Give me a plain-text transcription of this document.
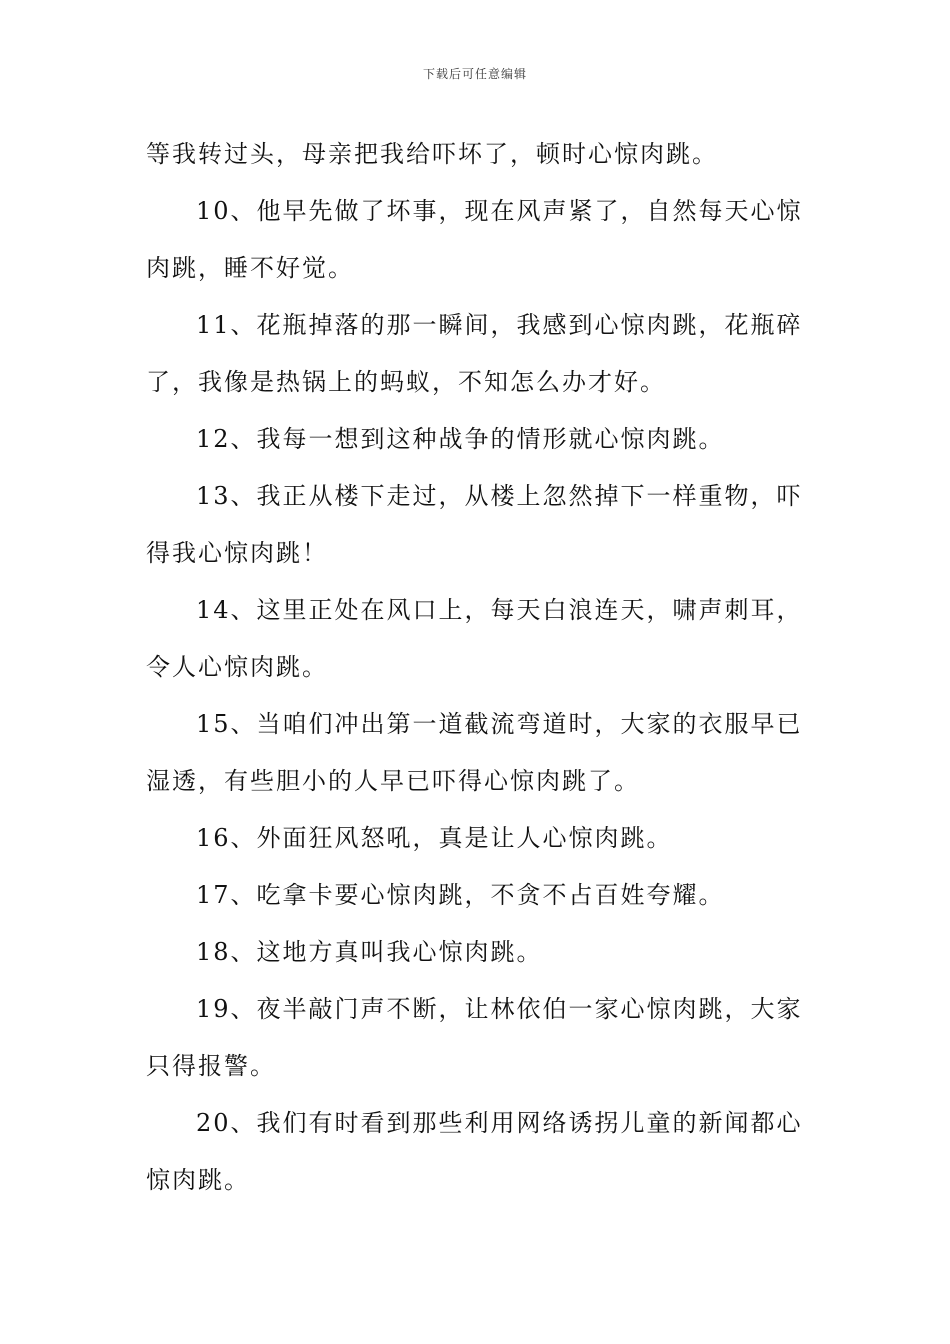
下载后可任意编辑

等我转过头，母亲把我给吓坏了，顿时心惊肉跳。

10、他早先做了坏事，现在风声紧了，自然每天心惊肉跳，睡不好觉。

11、花瓶掉落的那一瞬间，我感到心惊肉跳，花瓶碎了，我像是热锅上的蚂蚁，不知怎么办才好。

12、我每一想到这种战争的情形就心惊肉跳。

13、我正从楼下走过，从楼上忽然掉下一样重物，吓得我心惊肉跳！

14、这里正处在风口上，每天白浪连天，啸声刺耳，令人心惊肉跳。

15、当咱们冲出第一道截流弯道时，大家的衣服早已湿透，有些胆小的人早已吓得心惊肉跳了。

16、外面狂风怒吼，真是让人心惊肉跳。

17、吃拿卡要心惊肉跳，不贪不占百姓夸耀。

18、这地方真叫我心惊肉跳。

19、夜半敲门声不断，让林依伯一家心惊肉跳，大家只得报警。

20、我们有时看到那些利用网络诱拐儿童的新闻都心惊肉跳。
